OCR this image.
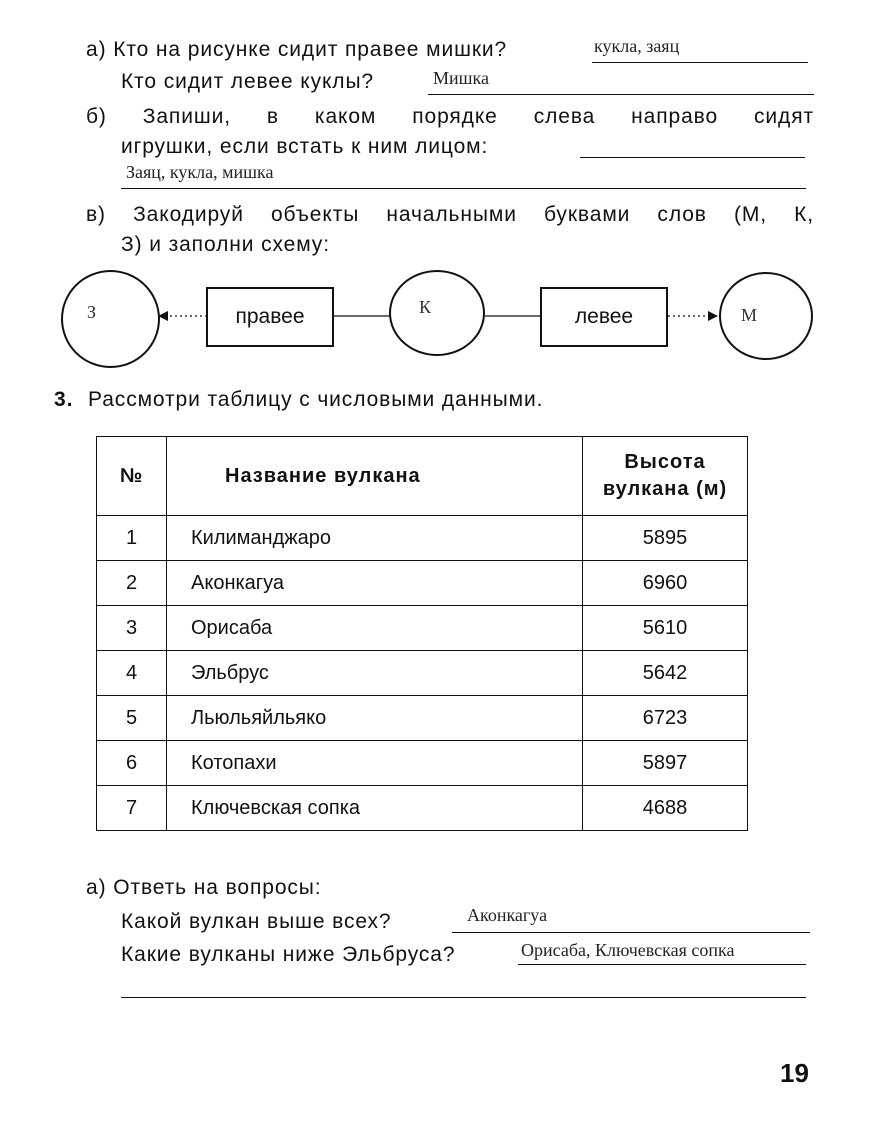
а) Кто на рисунке сидит правее мишки?	кукла, заяц
Кто сидит левее куклы?	Мишка
б) Запиши, в каком порядке слева направо сидят
игрушки, если встать к ним лицом:
Заяц, кукла, мишка
в) Закодируй объекты начальными буквами слов (М, К,
З) и заполни схему:
З	правее	К	левее	М
3. Рассмотри таблицу с числовыми данными.
№	Название вулкана	Высота
вулкана (м)
1	Килиманджаро	5895
2	Аконкагуа	6960
3	Орисаба	5610
4	Эльбрус	5642
5	Льюльяйльяко	6723
6	Котопахи	5897
7	Ключевская сопка	4688
а) Ответь на вопросы:
Какой вулкан выше всех?	Аконкагуа
Какие вулканы ниже Эльбруса?	Орисаба, Ключевская сопка
19
